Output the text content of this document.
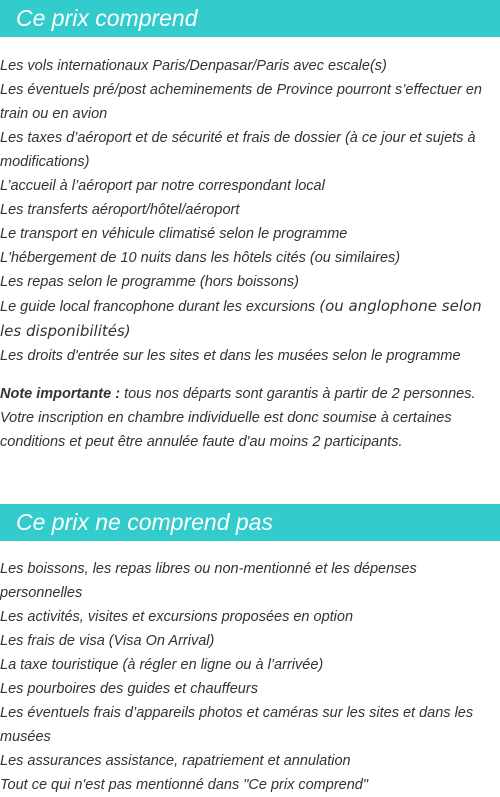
Ce prix comprend
Les vols internationaux Paris/Denpasar/Paris avec escale(s)
Les éventuels pré/post acheminements de Province pourront s’effectuer en train ou en avion
Les taxes d’aéroport et de sécurité et frais de dossier (à ce jour et sujets à modifications)
L’accueil à l’aéroport par notre correspondant local
Les transferts aéroport/hôtel/aéroport
Le transport en véhicule climatisé selon le programme
L'hébergement de 10 nuits dans les hôtels cités (ou similaires)
Les repas selon le programme (hors boissons)
Le guide local francophone durant les excursions (ou anglophone selon les disponibilités)
Les droits d'entrée sur les sites et dans les musées selon le programme

Note importante : tous nos départs sont garantis à partir de 2 personnes. Votre inscription en chambre individuelle est donc soumise à certaines conditions et peut être annulée faute d'au moins 2 participants.

Ce prix ne comprend pas
Les boissons, les repas libres ou non-mentionné et les dépenses personnelles
Les activités, visites et excursions proposées en option
Les frais de visa (Visa On Arrival)
La taxe touristique (à régler en ligne ou à l’arrivée)
Les pourboires des guides et chauffeurs
Les éventuels frais d’appareils photos et caméras sur les sites et dans les musées
Les assurances assistance, rapatriement et annulation
Tout ce qui n'est pas mentionné dans "Ce prix comprend"
